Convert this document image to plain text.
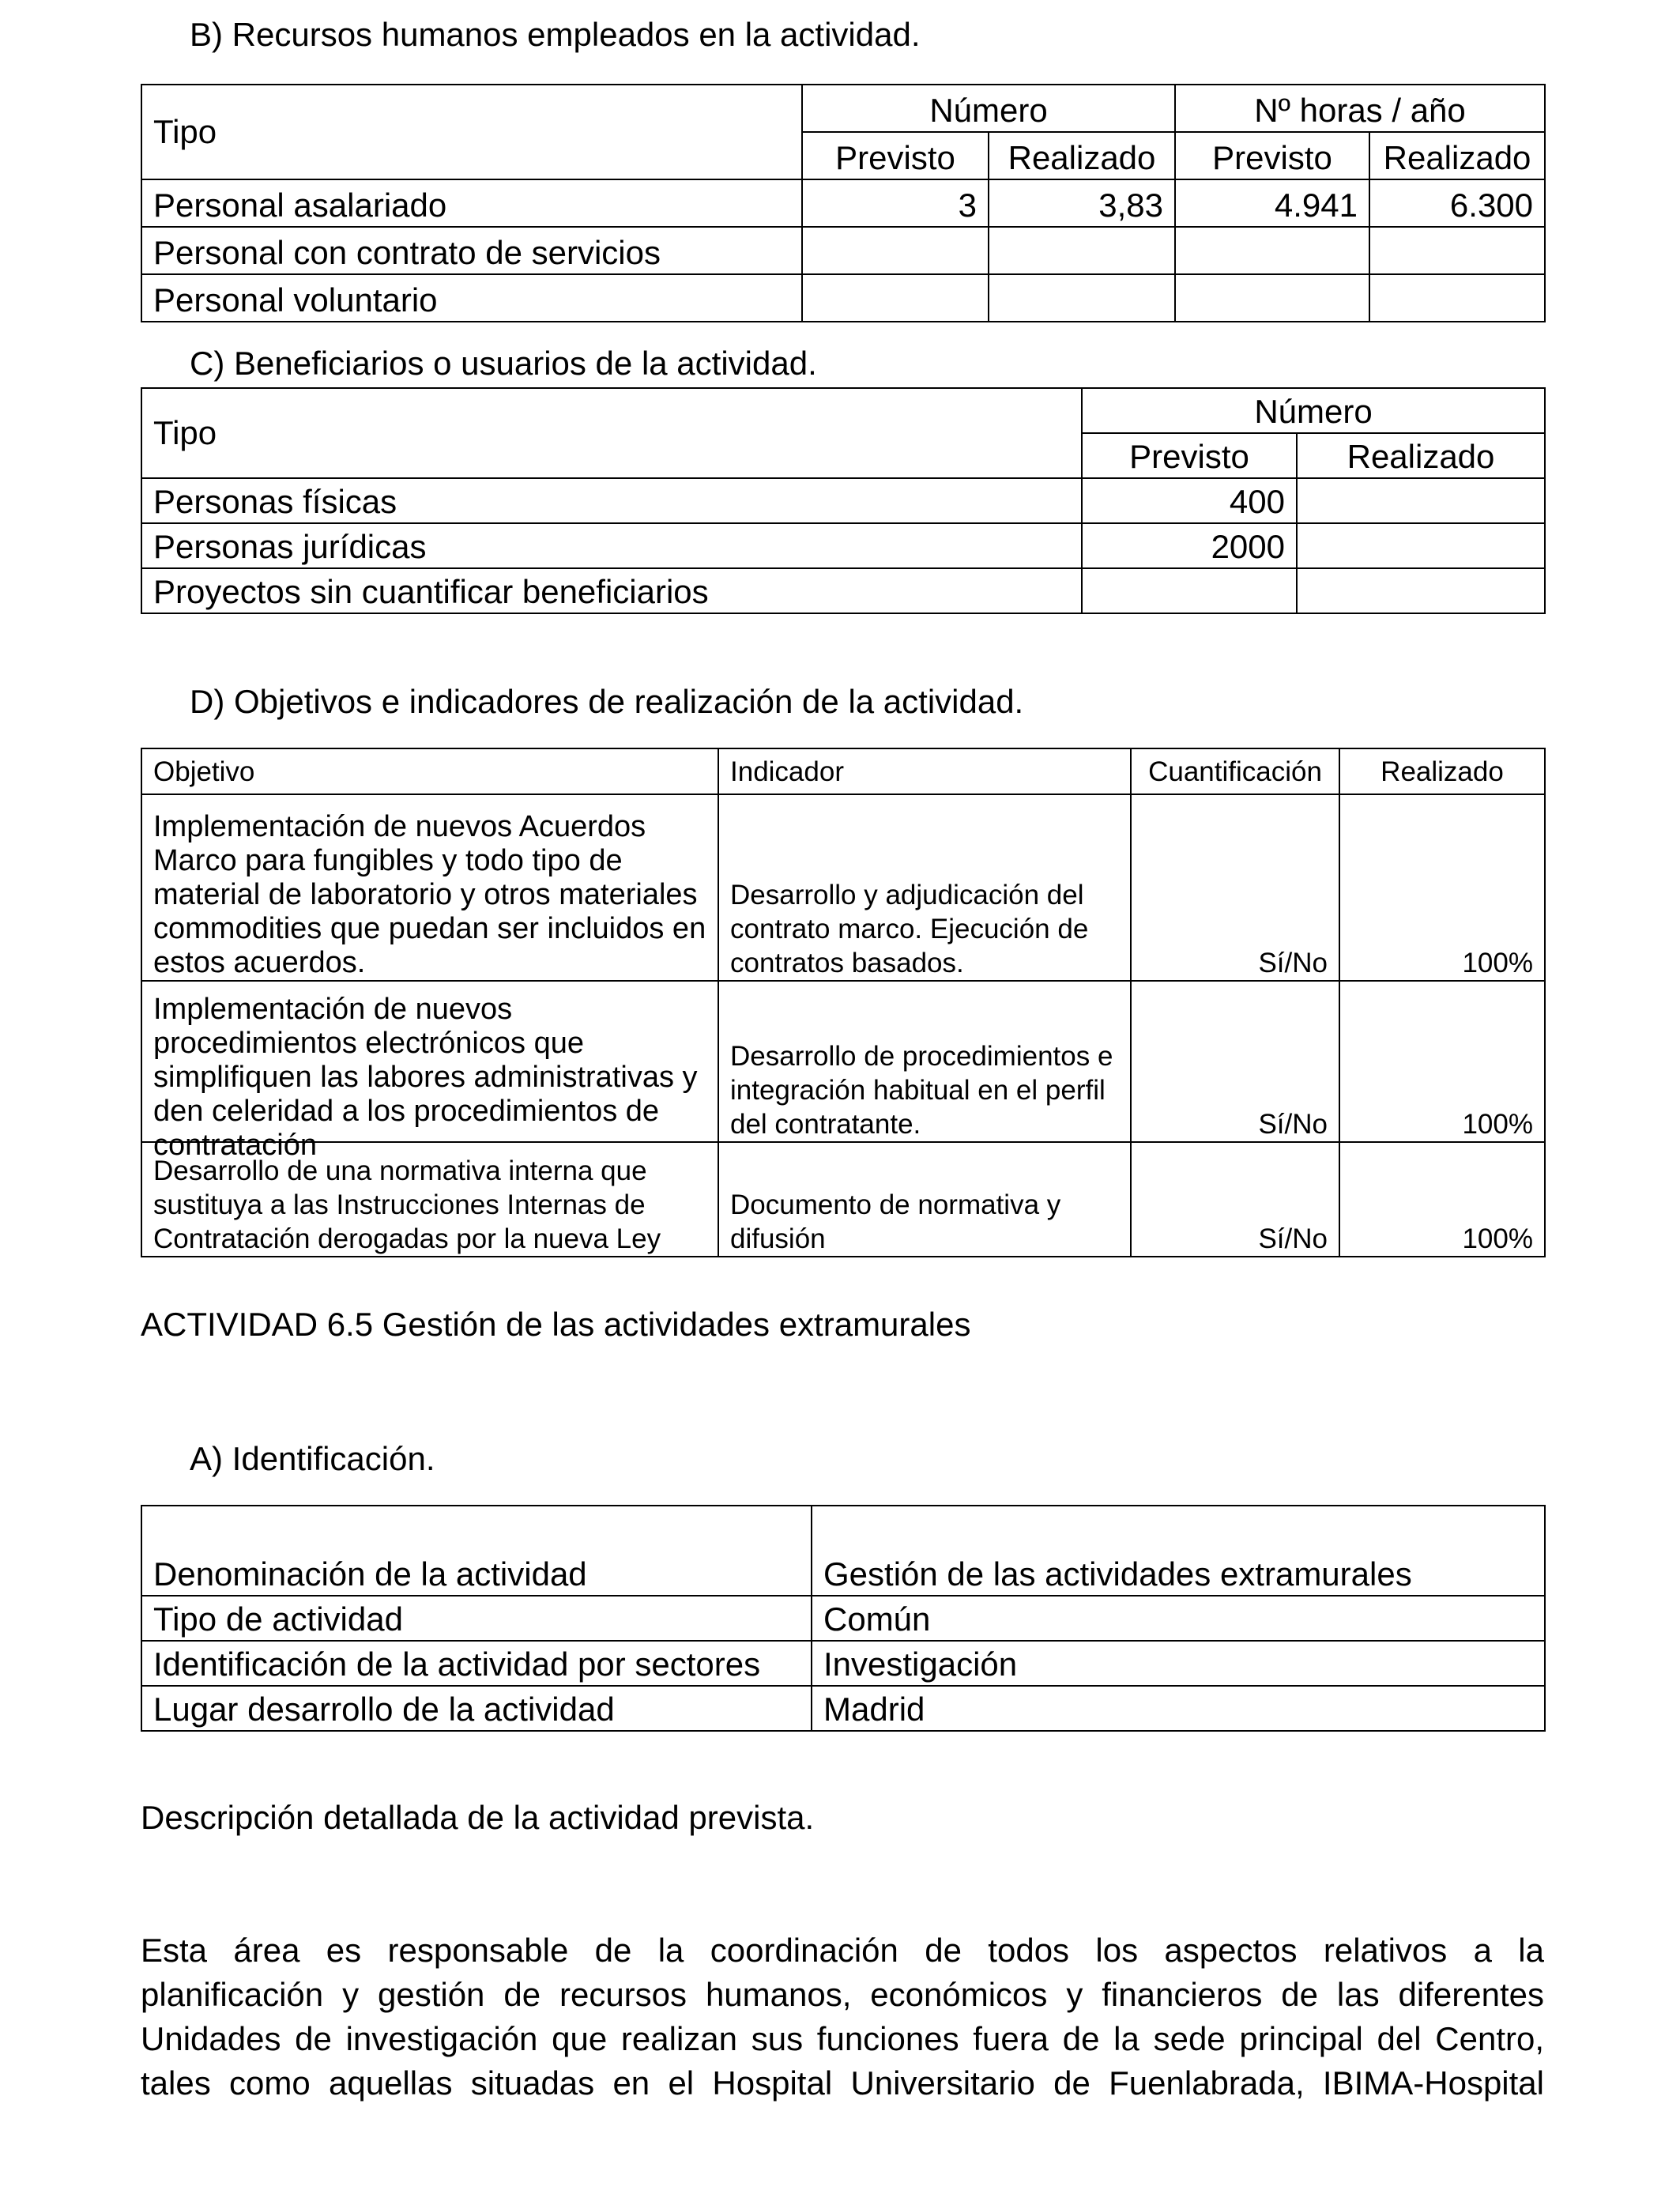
B) Recursos humanos empleados en la actividad.
Tipo	Número		Nº horas / año	
	Previsto	Realizado	Previsto	Realizado
Personal asalariado	3	3,83	4.941	6.300
Personal con contrato de servicios				
Personal voluntario				
C) Beneficiarios o usuarios de la actividad.
Tipo	Número	
	Previsto	Realizado
Personas físicas	400	
Personas jurídicas	2000	
Proyectos sin cuantificar beneficiarios		
D) Objetivos e indicadores de realización de la actividad.
Objetivo	Indicador	Cuantificación	Realizado
Implementación de nuevos Acuerdos Marco para fungibles y todo tipo de material de laboratorio y otros materiales commodities que puedan ser incluidos en estos acuerdos.	Desarrollo y adjudicación del contrato marco. Ejecución de contratos basados.	Sí/No	100%

Implementación de nuevos procedimientos electrónicos que simplifiquen las labores administrativas y den celeridad a los procedimientos de contratación	Desarrollo de procedimientos e integración habitual en el perfil del contratante.	Sí/No	100%
Desarrollo de una normativa interna que sustituya a las Instrucciones Internas de Contratación derogadas por la nueva Ley	Documento de normativa y difusión	Sí/No	100%
ACTIVIDAD 6.5 Gestión de las actividades extramurales
A) Identificación.
Denominación de la actividad	Gestión de las actividades extramurales
Tipo de actividad	Común
Identificación de la actividad por sectores	Investigación
Lugar desarrollo de la actividad	Madrid
Descripción detallada de la actividad prevista.
Esta área es responsable de la coordinación de todos los aspectos relativos a la
planificación y gestión de recursos humanos, económicos y financieros de las diferentes
Unidades de investigación que realizan sus funciones fuera de la sede principal del Centro,
tales como aquellas situadas en el Hospital Universitario de Fuenlabrada, IBIMA-Hospital
